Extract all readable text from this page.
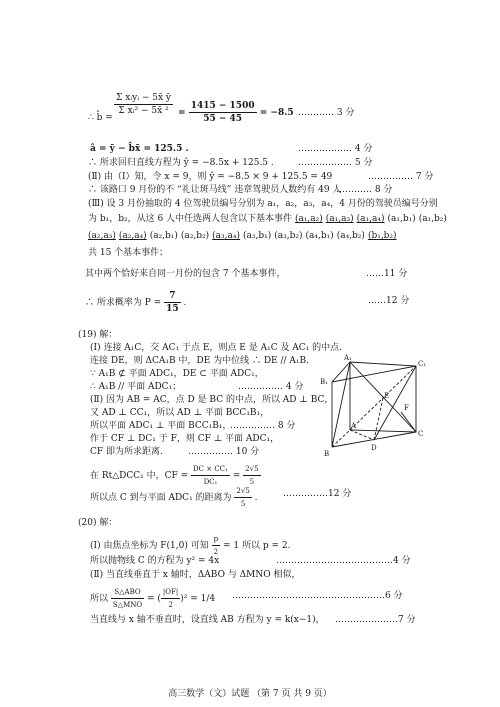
∴ b̂ =
$\frac{\text{Σ xᵢyᵢ − 5x̄ ȳ}}{\text{Σ xᵢ² − 5x̄ ²}} = \frac{1415 - 1500}{55 - 45} = -8.5$ ………… 3 分
â = ȳ − b̂x̄ = 125.5 .	……………… 4 分
∴ 所求回归直线方程为 ŷ = −8.5x + 125.5 .	……………… 5 分
(Ⅱ) 由（Ⅰ）知，令 x = 9，则 ŷ = −8.5 × 9 + 125.5 = 49	…………… 7 分
∴ 该路口 9 月份的不 “礼让斑马线” 违章驾驶员人数约有 49 人
………… 8 分
(Ⅲ) 设 3 月份抽取的 4 位驾驶员编号分别为 a₁，a₂，a₃，a₄，4 月份的驾驶员编号分别
为 b₁，b₂，从这 6 人中任选两人包含以下基本事件 (a₁,a₂) (a₁,a₃) (a₁,a₄) (a₁,b₁) (a₁,b₂)
(a₂,a₃) (a₂,a₄) (a₂,b₁) (a₂,b₂) (a₃,a₄) (a₃,b₁) (a₃,b₂) (a₄,b₁) (a₄,b₂) (b₁,b₂)
共 15 个基本事件；
其中两个恰好来自同一月份的包含 7 个基本事件，	……11 分
∴ 所求概率为 $P = \frac{7}{15}$ .	……12 分
(19) 解：
(Ⅰ) 连接 A₁C，交 AC₁ 于点 E，则点 E 是 A₁C 及 AC₁ 的中点.
连接 DE，则 ΔCA₁B 中，DE 为中位线 ∴ DE // A₁B.
∵ A₁B ⊄ 平面 ADC₁，DE ⊂ 平面 ADC₁，
∴ A₁B // 平面 ADC₁；	…………… 4 分
(Ⅱ) 因为 AB = AC，点 D 是 BC 的中点，所以 AD ⊥ BC，
又 AD ⊥ CC₁，所以 AD ⊥ 平面 BCC₁B₁，
所以平面 ADC₁ ⊥ 平面 BCC₁B₁，
…………… 8 分
作于 CF ⊥ DC₁ 于 F，则 CF ⊥ 平面 ADC₁，
CF 即为所求距离.	…………… 10 分
在 Rt△DCC₁ 中，CF = $\frac{\text{DC × CC₁}}{\text{DC₁}} = \frac{2√5}{5}$
所以点 C 到与平面 ADC₁ 的距离为 $\frac{2√5}{5}$ .	……………12 分
A₁
C₁
B₁
E
F
A
C
D
B
(20) 解：
(Ⅰ) 由焦点坐标为 F(1,0) 可知 $\frac{p}{2} = 1$ 所以 p = 2.
所以抛物线 C 的方程为 y² = 4x	…………………………………4 分
(Ⅱ) 当直线垂直于 x 轴时，ΔABO 与 ΔMNO 相似，
所以 $\frac{\text{S△ABO}}{\text{S△MNO}}$ = ( $\frac{|OF|}{2} )^2 = 1/4$ ……………………………………………6 分
当直线与 x 轴不垂直时，设直线 AB 方程为 y = k(x−1)， …………………7 分
高三数学（文）试题 （第 7 页 共 9 页）
